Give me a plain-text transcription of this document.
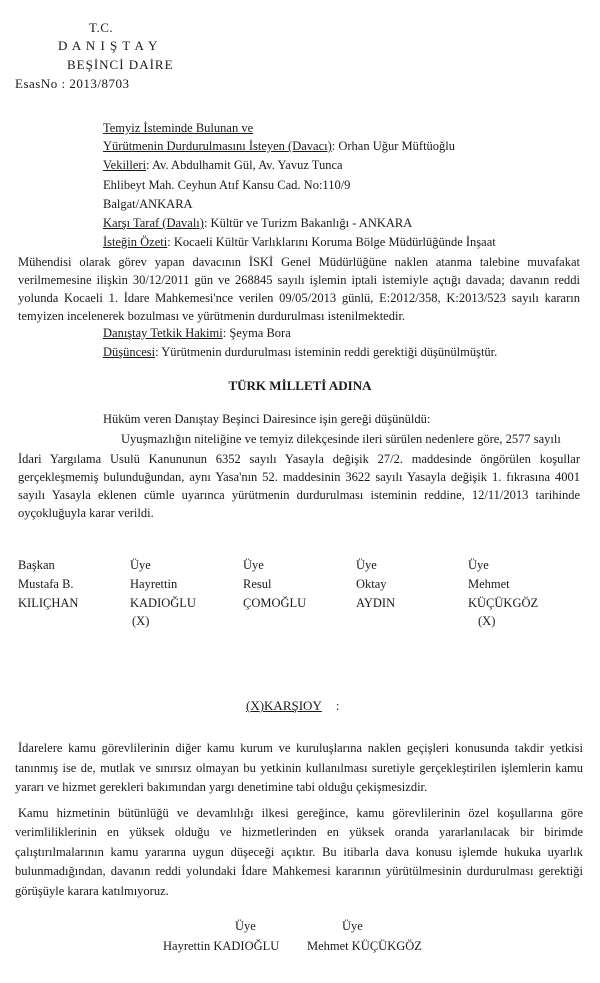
T.C.
D A N I Ş T A Y
BEŞİNCİ DAİRE
EsasNo : 2013/8703
Temyiz İsteminde Bulunan ve
Yürütmenin Durdurulmasını İsteyen (Davacı): Orhan Uğur Müftüoğlu
Vekilleri: Av. Abdulhamit Gül, Av. Yavuz Tunca
Ehlibeyt Mah. Ceyhun Atıf Kansu Cad. No:110/9
Balgat/ANKARA
Karşı Taraf (Davalı): Kültür ve Turizm Bakanlığı - ANKARA
İsteğin Özeti: Kocaeli Kültür Varlıklarını Koruma Bölge Müdürlüğünde İnşaat

Mühendisi olarak görev yapan davacının İSKİ Genel Müdürlüğüne naklen atanma talebine muvafakat verilmemesine ilişkin 30/12/2011 gün ve 268845 sayılı işlemin iptali istemiyle açtığı davada; davanın reddi yolunda Kocaeli 1. İdare Mahkemesi'nce verilen 09/05/2013 günlü, E:2012/358, K:2013/523 sayılı kararın temyizen incelenerek bozulması ve yürütmenin durdurulması istenilmektedir.

Danıştay Tetkik Hakimi: Şeyma Bora
Düşüncesi: Yürütmenin durdurulması isteminin reddi gerektiği düşünülmüştür.
TÜRK MİLLETİ ADINA
Hüküm veren Danıştay Beşinci Dairesince işin gereği düşünüldü:
Uyuşmazlığın niteliğine ve temyiz dilekçesinde ileri sürülen nedenlere göre, 2577 sayılı

İdari Yargılama Usulü Kanununun 6352 sayılı Yasayla değişik 27/2. maddesinde öngörülen koşullar gerçekleşmemiş bulunduğundan, aynı Yasa'nın 52. maddesinin 3622 sayılı Yasayla değişik 1. fıkrasına 4001 sayılı Yasayla eklenen cümle uyarınca yürütmenin durdurulması isteminin reddine, 12/11/2013 tarihinde oyçokluğuyla karar verildi.

Başkan
Mustafa B.
KILIÇHAN
Üye
Hayrettin
KADIOĞLU
(X)
Üye
Resul
ÇOMOĞLU
Üye
Oktay
AYDIN
Üye
Mehmet
KÜÇÜKGÖZ
(X)
(X)KARŞIOY :

İdarelere kamu görevlilerinin diğer kamu kurum ve kuruluşlarına naklen geçişleri konusunda takdir yetkisi tanınmış ise de, mutlak ve sınırsız olmayan bu yetkinin kullanılması suretiyle gerçekleştirilen işlemlerin kamu yararı ve hizmet gerekleri bakımından yargı denetimine tabi olduğu çekişmesizdir.

Kamu hizmetinin bütünlüğü ve devamlılığı ilkesi gereğince, kamu görevlilerinin özel koşullarına göre verimliliklerinin en yüksek olduğu ve hizmetlerinden en yüksek oranda yararlanılacak bir birimde çalıştırılmalarının kamu yararına uygun düşeceği açıktır. Bu itibarla dava konusu işlemde hukuka uyarlık bulunmadığından, davanın reddi yolundaki İdare Mahkemesi kararının yürütülmesinin durdurulması gerektiği görüşüyle karara katılmıyoruz.

Üye
Hayrettin KADIOĞLU
Üye
Mehmet KÜÇÜKGÖZ
